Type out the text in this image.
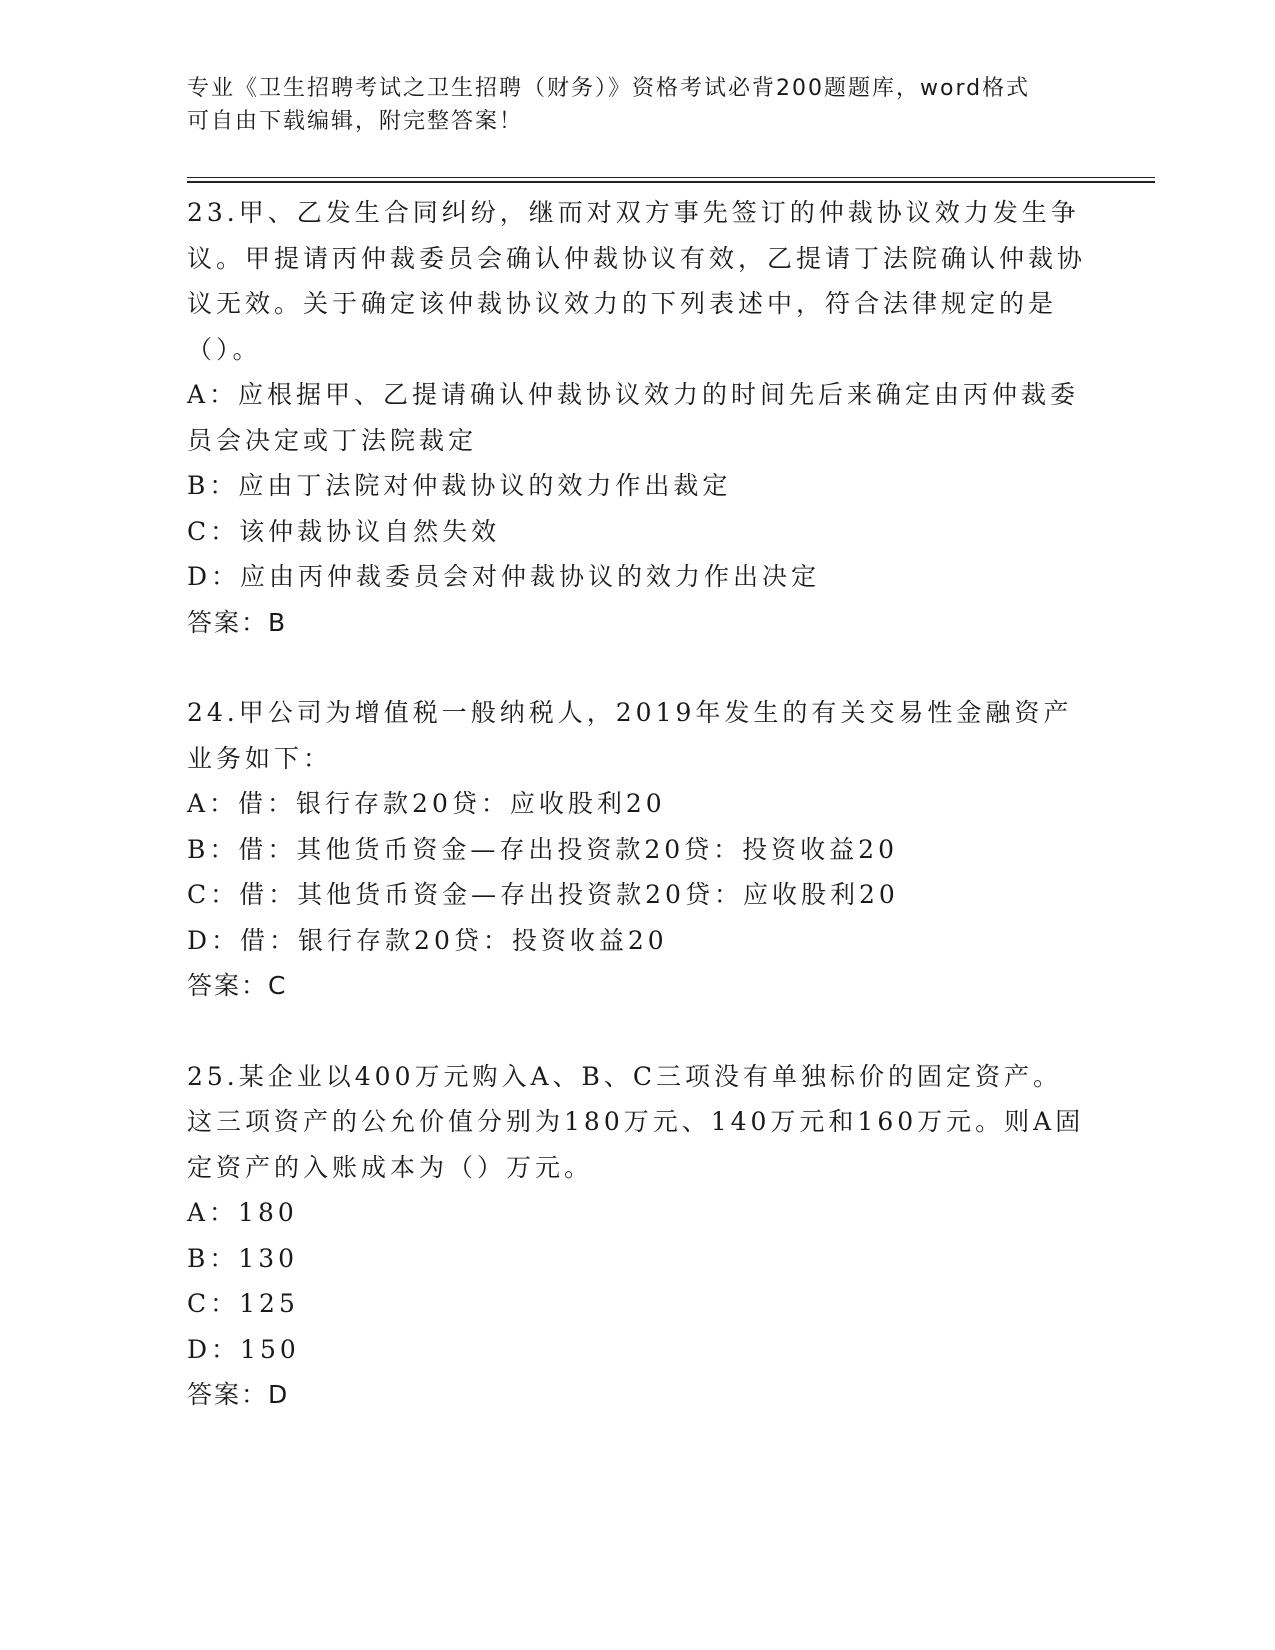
专业《卫生招聘考试之卫生招聘（财务）》资格考试必背200题题库，word格式
可自由下载编辑，附完整答案！

23.甲、乙发生合同纠纷，继而对双方事先签订的仲裁协议效力发生争议。甲提请丙仲裁委员会确认仲裁协议有效，乙提请丁法院确认仲裁协议无效。关于确定该仲裁协议效力的下列表述中，符合法律规定的是（）。

A：应根据甲、乙提请确认仲裁协议效力的时间先后来确定由丙仲裁委员会决定或丁法院裁定

B：应由丁法院对仲裁协议的效力作出裁定

C：该仲裁协议自然失效

D：应由丙仲裁委员会对仲裁协议的效力作出决定

答案：B

24.甲公司为增值税一般纳税人，2019年发生的有关交易性金融资产业务如下：

A：借：银行存款20贷：应收股利20

B：借：其他货币资金—存出投资款20贷：投资收益20

C：借：其他货币资金—存出投资款20贷：应收股利20

D：借：银行存款20贷：投资收益20

答案：C

25.某企业以400万元购入A、B、C三项没有单独标价的固定资产。这三项资产的公允价值分别为180万元、140万元和160万元。则A固定资产的入账成本为（）万元。

A：180

B：130

C：125

D：150

答案：D
